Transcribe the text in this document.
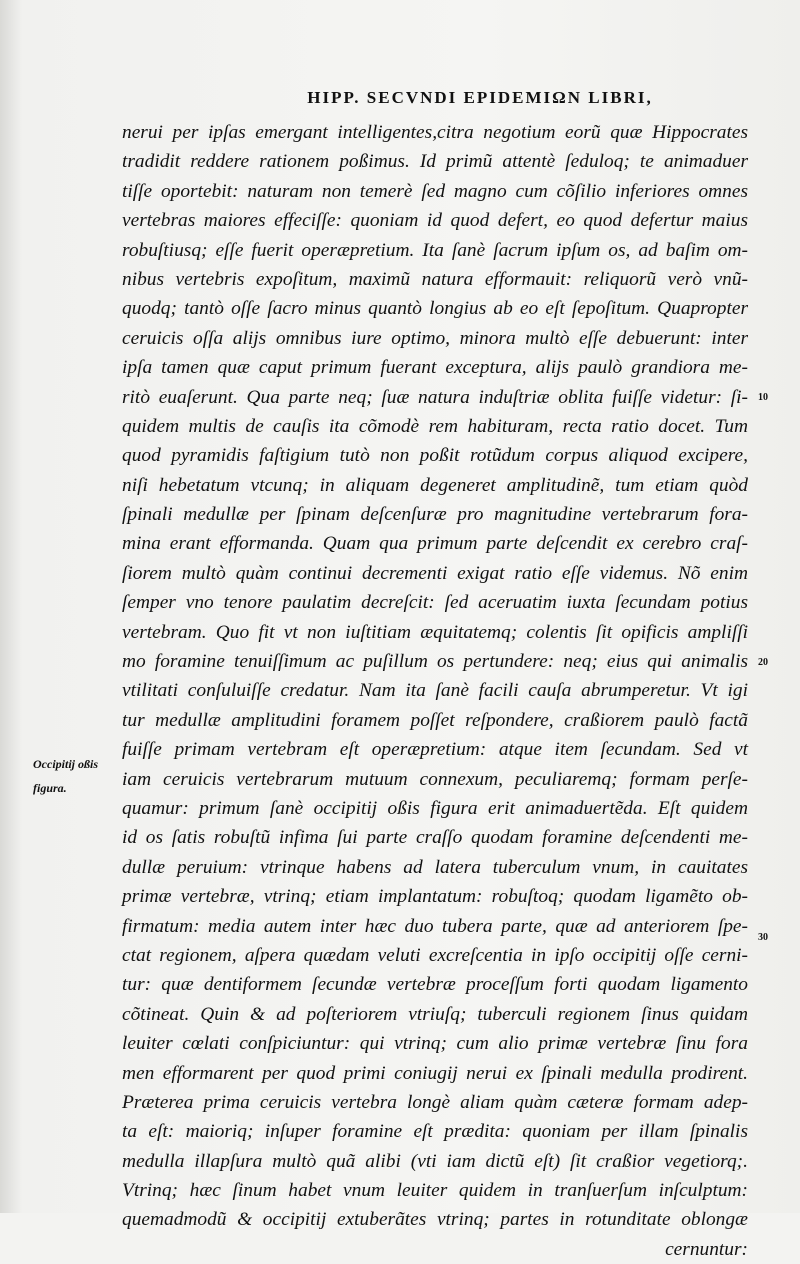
HIPP. SECVNDI EPIDEMIΩN LIBRI,
nerui per ipſas emergant intelligentes,citra negotium eorũ quæ Hippocrates
tradidit reddere rationem poßimus. Id primũ attentè ſeduloq; te animaduer
tiſſe oportebit: naturam non temerè ſed magno cum cõſilio inferiores omnes
vertebras maiores effeciſſe: quoniam id quod defert, eo quod defertur maius
robuſtiusq; eſſe fuerit operæpretium. Ita ſanè ſacrum ipſum os, ad baſim om-
nibus vertebris expoſitum, maximũ natura efformauit: reliquorũ verò vnũ-
quodq; tantò oſſe ſacro minus quantò longius ab eo eſt ſepoſitum. Quapropter
ceruicis oſſa alijs omnibus iure optimo, minora multò eſſe debuerunt: inter
ipſa tamen quæ caput primum fuerant exceptura, alijs paulò grandiora me-
ritò euaſerunt. Qua parte neq; ſuæ natura induſtriæ oblita fuiſſe videtur: ſi-
quidem multis de cauſis ita cõmodè rem habituram, recta ratio docet. Tum
quod pyramidis faſtigium tutò non poßit rotũdum corpus aliquod excipere,
niſi hebetatum vtcunq; in aliquam degeneret amplitudinẽ, tum etiam quòd
ſpinali medullæ per ſpinam deſcenſuræ pro magnitudine vertebrarum fora-
mina erant efformanda. Quam qua primum parte deſcendit ex cerebro craſ-
ſiorem multò quàm continui decrementi exigat ratio eſſe videmus. Nõ enim
ſemper vno tenore paulatim decreſcit: ſed aceruatim iuxta ſecundam potius
vertebram. Quo fit vt non iuſtitiam æquitatemq; colentis ſit opificis ampliſſi
mo foramine tenuiſſimum ac puſillum os pertundere: neq; eius qui animalis
vtilitati conſuluiſſe credatur. Nam ita ſanè facili cauſa abrumperetur. Vt igi
tur medullæ amplitudini foramem poſſet reſpondere, craßiorem paulò factã
fuiſſe primam vertebram eſt operæpretium: atque item ſecundam. Sed vt
iam ceruicis vertebrarum mutuum connexum, peculiaremq; formam perſe-
quamur: primum ſanè occipitij oßis figura erit animaduertẽda. Eſt quidem
id os ſatis robuſtũ infima ſui parte craſſo quodam foramine deſcendenti me-
dullæ peruium: vtrinque habens ad latera tuberculum vnum, in cauitates
primæ vertebræ, vtrinq; etiam implantatum: robuſtoq; quodam ligamẽto ob-
firmatum: media autem inter hæc duo tubera parte, quæ ad anteriorem ſpe-
ctat regionem, aſpera quædam veluti excreſcentia in ipſo occipitij oſſe cerni-
tur: quæ dentiformem ſecundæ vertebræ proceſſum forti quodam ligamento
cõtineat. Quin & ad poſteriorem vtriuſq; tuberculi regionem ſinus quidam
leuiter cœlati conſpiciuntur: qui vtrinq; cum alio primæ vertebræ ſinu fora
men efformarent per quod primi coniugij nerui ex ſpinali medulla prodirent.
Præterea prima ceruicis vertebra longè aliam quàm cæteræ formam adep-
ta eſt: maioriq; inſuper foramine eſt prædita: quoniam per illam ſpinalis
medulla illapſura multò quã alibi (vti iam dictũ eſt) ſit craßior vegetiorq;.
Vtrinq; hæc ſinum habet vnum leuiter quidem in tranſuerſum inſculptum:
quemadmodũ & occipitij extuberãtes vtrinq; partes in rotunditate oblongæ
cernuntur:
Occipitij oßis
figura.
10
20
30
